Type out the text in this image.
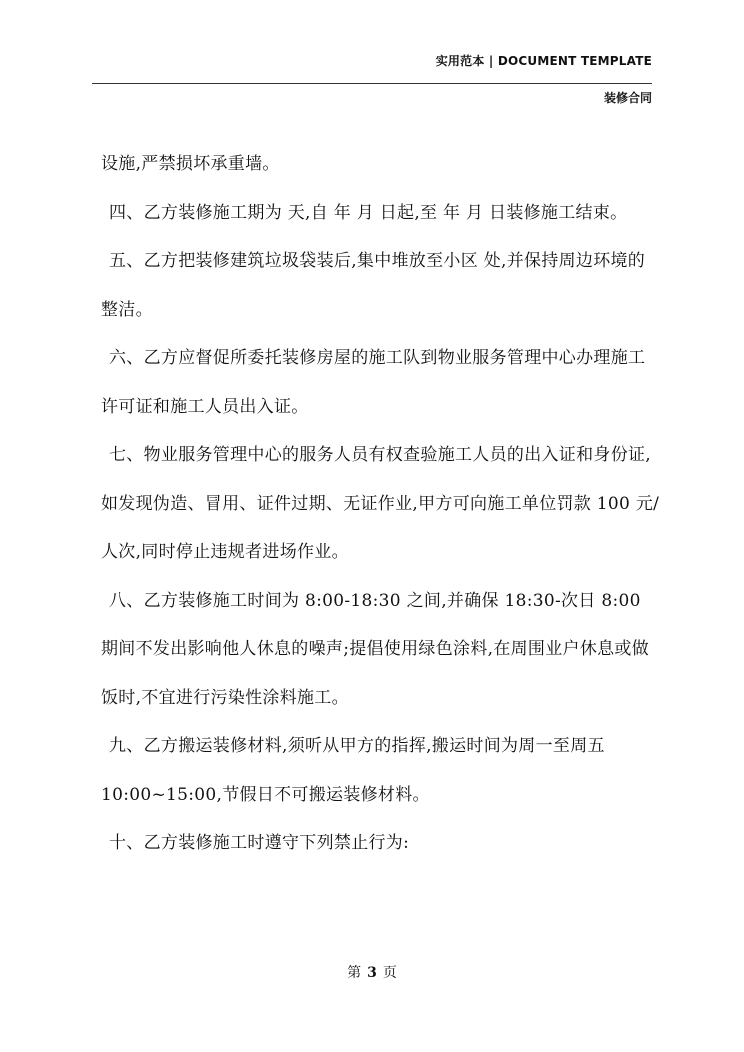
实用范本 | DOCUMENT TEMPLATE
装修合同

设施,严禁损坏承重墙。

四、乙方装修施工期为 天,自 年 月 日起,至 年 月 日装修施工结束。

五、乙方把装修建筑垃圾袋装后,集中堆放至小区 处,并保持周边环境的整洁。

六、乙方应督促所委托装修房屋的施工队到物业服务管理中心办理施工许可证和施工人员出入证。

七、物业服务管理中心的服务人员有权查验施工人员的出入证和身份证,如发现伪造、冒用、证件过期、无证作业,甲方可向施工单位罚款 100 元/人次,同时停止违规者进场作业。

八、乙方装修施工时间为 8:00-18:30 之间,并确保 18:30-次日 8:00 期间不发出影响他人休息的噪声;提倡使用绿色涂料,在周围业户休息或做饭时,不宜进行污染性涂料施工。

九、乙方搬运装修材料,须听从甲方的指挥,搬运时间为周一至周五 10:00~15:00,节假日不可搬运装修材料。

十、乙方装修施工时遵守下列禁止行为:

第 3 页
